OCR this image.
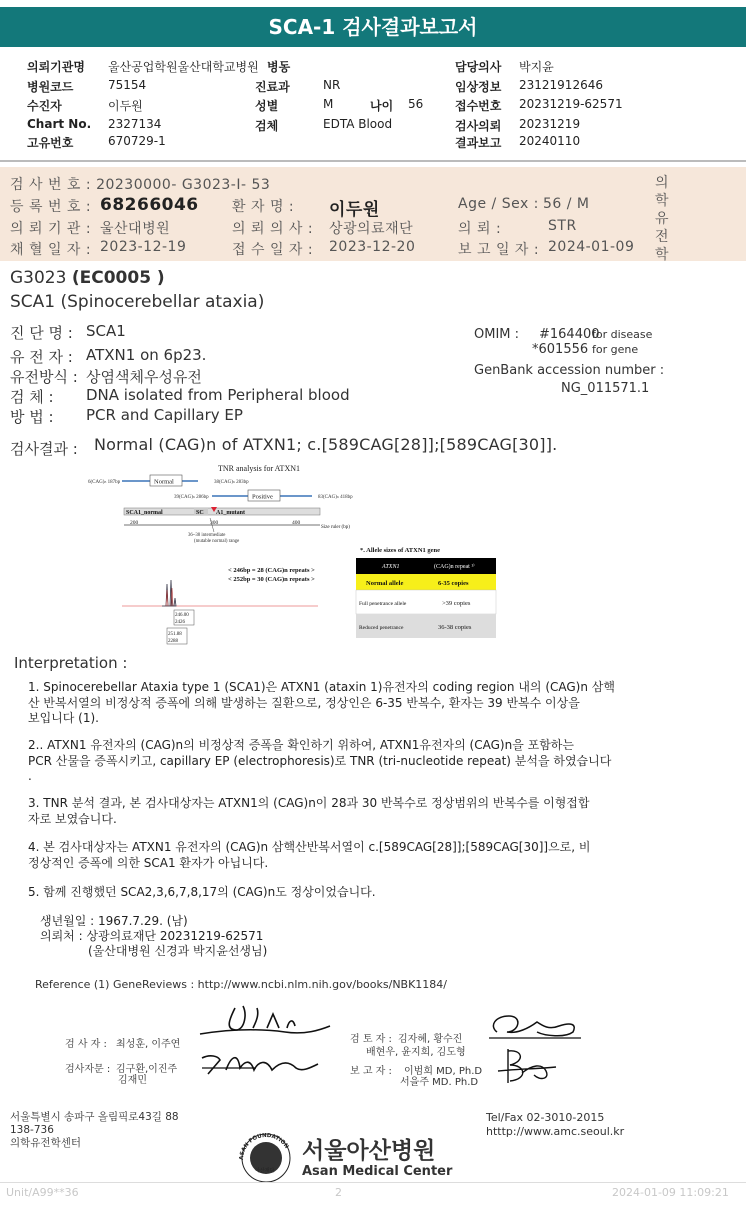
SCA-1 검사결과보고서
의뢰기관명 울산공업학원울산대학교병원 병동	담당의사 박지윤
병원코드	75154	진료과	NR	임상정보 23121912646
수진자	이두원	성별	M	나이 56	접수번호 20231219-62571
Chart No. 2327134	검체	EDTA Blood	검사의뢰 20231219
고유번호	670729-1	결과보고 20240110
검 사 번 호 : 20230000- G3023-I- 53
등 록 번 호 : 68266046 환 자 명 : 이두원	Age / Sex : 56 / M
의 뢰 기 관 : 울산대병원	의 뢰 의 사 : 상광의료재단	의 뢰 :	STR
채 혈 일 자 : 2023-12-19	접 수 일 자 : 2023-12-20	보 고 일 자 : 2024-01-09
의
학
유
전
학
G3023 (EC0005 )
SCA1 (Spinocerebellar ataxia)
진 단 명 : SCA1
유 전 자 : ATXN1 on 6p23.
유전방식 : 상염색체우성유전
검 체 : DNA isolated from Peripheral blood
방 법 : PCR and Capillary EP
OMIM : #164400
for disease
*601556 for gene
GenBank accession number :
NG_011571.1
검사결과 : Normal (CAG)n of ATXN1; c.[589CAG[28]];[589CAG[30]].
TNR analysis for ATXN1
Normal
6(CAG)ₙ 187bp	38(CAG)ₙ 283bp
Positive
39(CAG)ₙ 286bp	83(CAG)ₙ 418bp
SCA1_normal	SC A1_mutant
200	300	400
Size ruler (bp)
36~38 intermediate
(mutable normal) range
< 246bp = 28 (CAG)n repeats >
< 252bp = 30 (CAG)n repeats >
246.00
2426
251.88
2288
*. Allele sizes of ATXN1 gene
ATXN1	(CAG)n repeat ¹⁾
Normal allele	6-35 copies
Full penetrance allele	>39 copies
Reduced penetrance	36-38 copies
Interpretation :
1. Spinocerebellar Ataxia type 1 (SCA1)은 ATXN1 (ataxin 1)유전자의 coding region 내의 (CAG)n 삼핵
산 반복서열의 비정상적 증폭에 의해 발생하는 질환으로, 정상인은 6-35 반복수, 환자는 39 반복수 이상을
보입니다 (1).
2.. ATXN1 유전자의 (CAG)n의 비정상적 증폭을 확인하기 위하여, ATXN1유전자의 (CAG)n을 포함하는
PCR 산물을 증폭시키고, capillary EP (electrophoresis)로 TNR (tri-nucleotide repeat) 분석을 하였습니다
.
3. TNR 분석 결과, 본 검사대상자는 ATXN1의 (CAG)n이 28과 30 반복수로 정상범위의 반복수를 이형접합
자로 보였습니다.
4. 본 검사대상자는 ATXN1 유전자의 (CAG)n 삼핵산반복서열이 c.[589CAG[28]];[589CAG[30]]으로, 비
정상적인 증폭에 의한 SCA1 환자가 아닙니다.
5. 함께 진행했던 SCA2,3,6,7,8,17의 (CAG)n도 정상이었습니다.
생년월일 : 1967.7.29. (남)
의뢰처 : 상광의료재단 20231219-62571
(울산대병원 신경과 박지윤선생님)
Reference (1) GeneReviews : http://www.ncbi.nlm.nih.gov/books/NBK1184/
검 사 자 : 최성훈, 이주연
검사자문 : 김구환,이진주
김재민
검 토 자 : 김자혜, 황수진
배현우, 윤지희, 김도형
보 고 자 : 이범희 MD, Ph.D
서을주 MD. Ph.D
서울특별시 송파구 올림픽로43길 88
138-736
의학유전학센터
Tel/Fax 02-3010-2015
htttp://www.amc.seoul.kr
ASAN FOUNDATION
아산재단
서울아산병원
Asan Medical Center
Unit/A99**36	2	2024-01-09 11:09:21
